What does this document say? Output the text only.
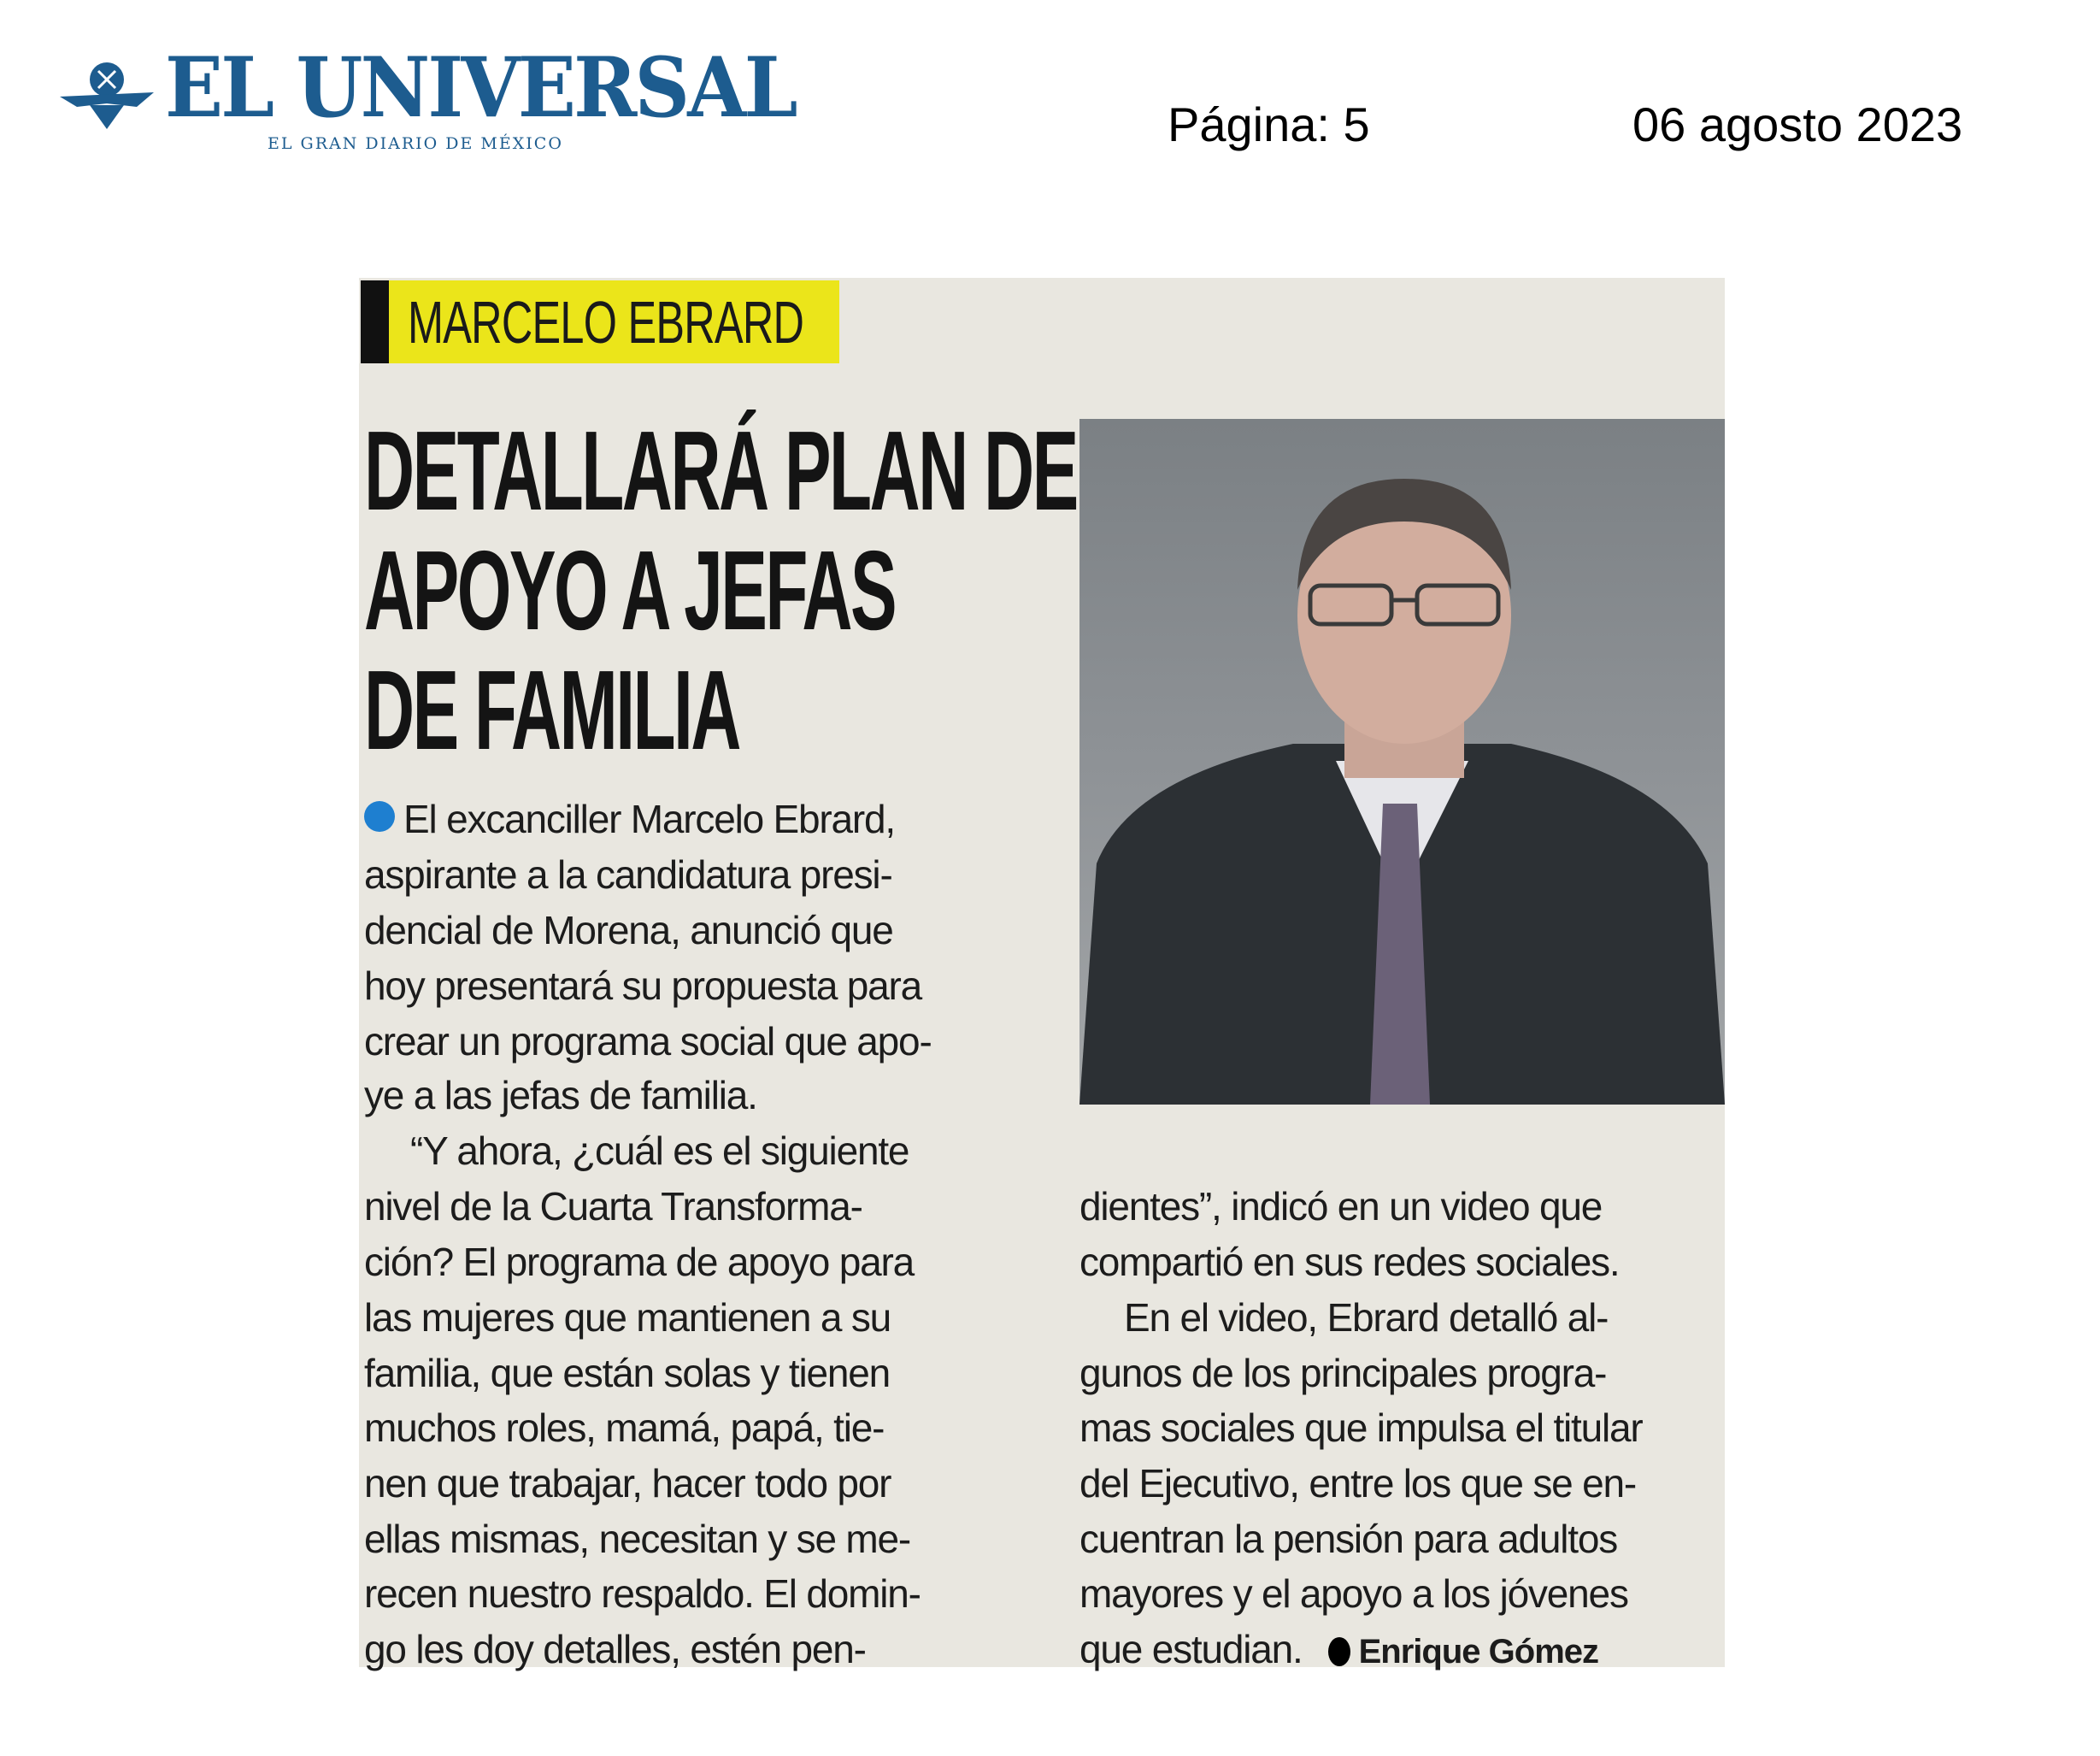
EL UNIVERSAL
EL GRAN DIARIO DE MÉXICO	Página: 5	06 agosto 2023
MARCELO EBRARD
DETALLARÁ PLAN DE
APOYO A JEFAS
DE FAMILIA
El excanciller Marcelo Ebrard,
aspirante a la candidatura presi-
dencial de Morena, anunció que
hoy presentará su propuesta para
crear un programa social que apo-
ye a las jefas de familia.
“Y ahora, ¿cuál es el siguiente
nivel de la Cuarta Transforma-
ción? El programa de apoyo para
las mujeres que mantienen a su
familia, que están solas y tienen
muchos roles, mamá, papá, tie-
nen que trabajar, hacer todo por
ellas mismas, necesitan y se me-
recen nuestro respaldo. El domin-
go les doy detalles, estén pen-
dientes”, indicó en un video que
compartió en sus redes sociales.
En el video, Ebrard detalló al-
gunos de los principales progra-
mas sociales que impulsa el titular
del Ejecutivo, entre los que se en-
cuentran la pensión para adultos
mayores y el apoyo a los jóvenes
que estudian. Enrique Gómez
